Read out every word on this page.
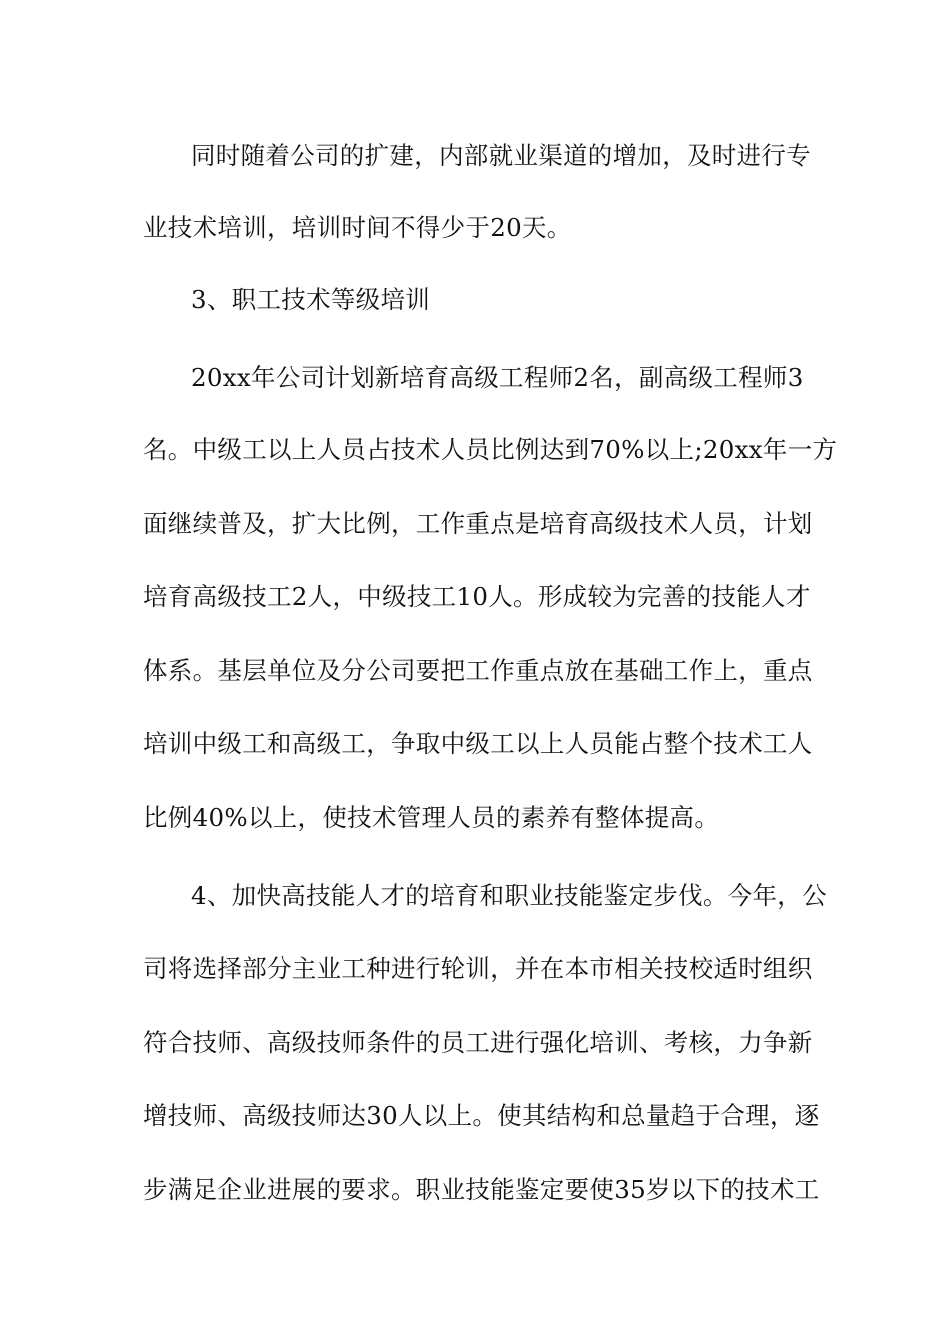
同时随着公司的扩建，内部就业渠道的增加，及时进行专
业技术培训，培训时间不得少于20天。
3、职工技术等级培训
20xx年公司计划新培育高级工程师2名，副高级工程师3
名。中级工以上人员占技术人员比例达到70%以上;20xx年一方
面继续普及，扩大比例，工作重点是培育高级技术人员，计划
培育高级技工2人，中级技工10人。形成较为完善的技能人才
体系。基层单位及分公司要把工作重点放在基础工作上，重点
培训中级工和高级工，争取中级工以上人员能占整个技术工人
比例40%以上，使技术管理人员的素养有整体提高。
4、加快高技能人才的培育和职业技能鉴定步伐。今年，公
司将选择部分主业工种进行轮训，并在本市相关技校适时组织
符合技师、高级技师条件的员工进行强化培训、考核，力争新
增技师、高级技师达30人以上。使其结构和总量趋于合理，逐
步满足企业进展的要求。职业技能鉴定要使35岁以下的技术工
